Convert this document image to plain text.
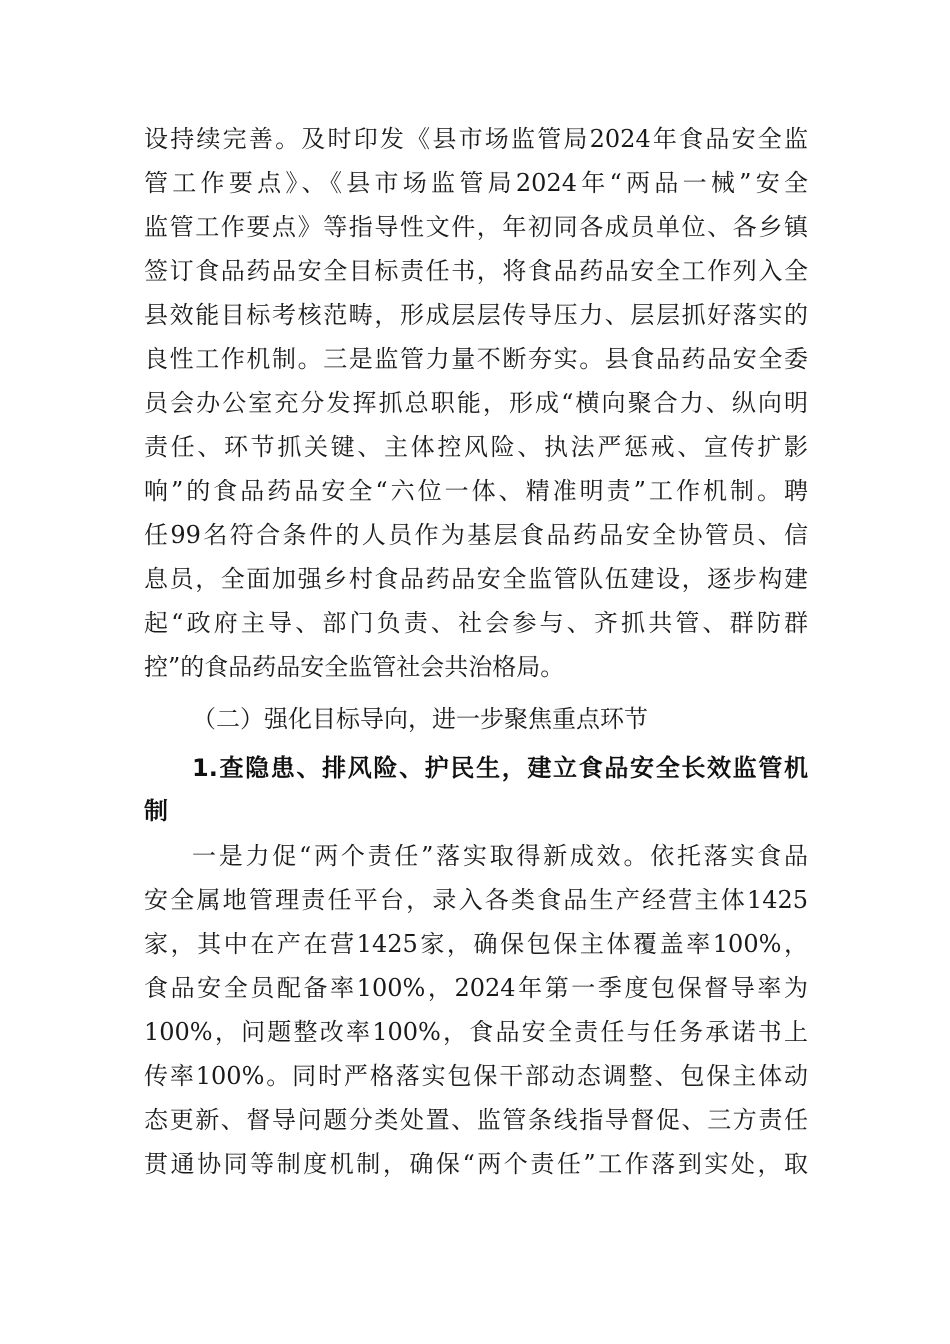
设持续完善。及时印发《县市场监管局2024年食品安全监
管工作要点》、《县市场监管局2024年“两品一械”安全
监管工作要点》等指导性文件，年初同各成员单位、各乡镇
签订食品药品安全目标责任书，将食品药品安全工作列入全
县效能目标考核范畴，形成层层传导压力、层层抓好落实的
良性工作机制。三是监管力量不断夯实。县食品药品安全委
员会办公室充分发挥抓总职能，形成“横向聚合力、纵向明
责任、环节抓关键、主体控风险、执法严惩戒、宣传扩影
响”的食品药品安全“六位一体、精准明责”工作机制。聘
任99名符合条件的人员作为基层食品药品安全协管员、信
息员，全面加强乡村食品药品安全监管队伍建设，逐步构建
起“政府主导、部门负责、社会参与、齐抓共管、群防群
控”的食品药品安全监管社会共治格局。
（二）强化目标导向，进一步聚焦重点环节
1.查隐患、排风险、护民生，建立食品安全长效监管机
制
一是力促“两个责任”落实取得新成效。依托落实食品
安全属地管理责任平台，录入各类食品生产经营主体1425
家，其中在产在营1425家，确保包保主体覆盖率100%，
食品安全员配备率100%，2024年第一季度包保督导率为
100%，问题整改率100%，食品安全责任与任务承诺书上
传率100%。同时严格落实包保干部动态调整、包保主体动
态更新、督导问题分类处置、监管条线指导督促、三方责任
贯通协同等制度机制，确保“两个责任”工作落到实处，取
